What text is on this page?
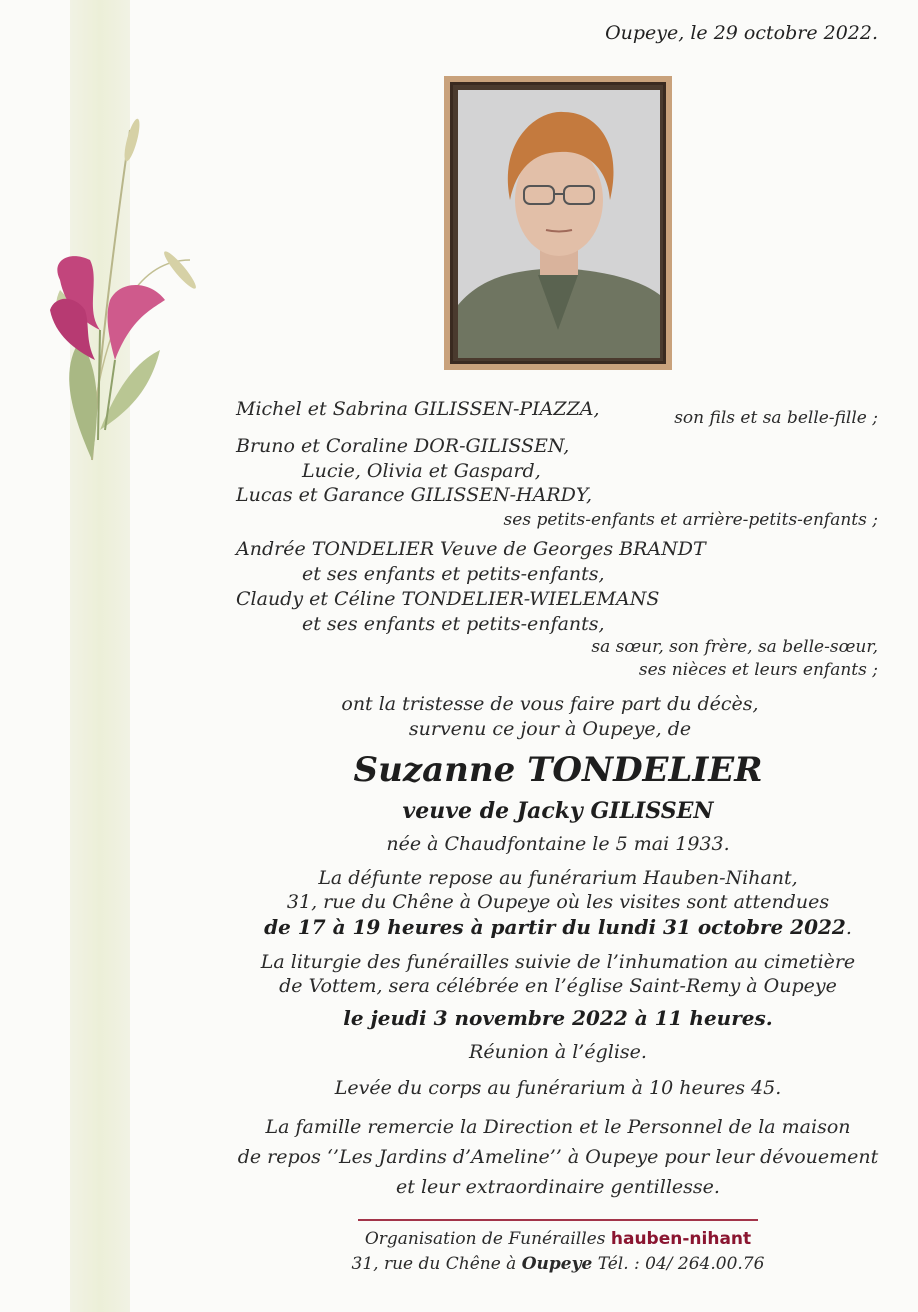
Oupeye, le 29 octobre 2022.
Michel et Sabrina GILISSEN-PIAZZA,	son fils et sa belle-fille ;
Bruno et Coraline DOR-GILISSEN,
Lucie, Olivia et Gaspard,
Lucas et Garance GILISSEN-HARDY,
ses petits-enfants et arrière-petits-enfants ;
Andrée TONDELIER Veuve de Georges BRANDT
et ses enfants et petits-enfants,
Claudy et Céline TONDELIER-WIELEMANS
et ses enfants et petits-enfants,
sa sœur, son frère, sa belle-sœur,
ses nièces et leurs enfants ;
ont la tristesse de vous faire part du décès,
survenu ce jour à Oupeye, de
Suzanne TONDELIER
veuve de Jacky GILISSEN
née à Chaudfontaine le 5 mai 1933.
La défunte repose au funérarium Hauben-Nihant,
31, rue du Chêne à Oupeye où les visites sont attendues
de 17 à 19 heures à partir du lundi 31 octobre 2022.
La liturgie des funérailles suivie de l’inhumation au cimetière
de Vottem, sera célébrée en l’église Saint-Remy à Oupeye
le jeudi 3 novembre 2022 à 11 heures.
Réunion à l’église.
Levée du corps au funérarium à 10 heures 45.
La famille remercie la Direction et le Personnel de la maison
de repos ‘’Les Jardins d’Ameline’’ à Oupeye pour leur dévouement
et leur extraordinaire gentillesse.
Organisation de Funérailles hauben-nihant
31, rue du Chêne à Oupeye Tél. : 04/ 264.00.76
